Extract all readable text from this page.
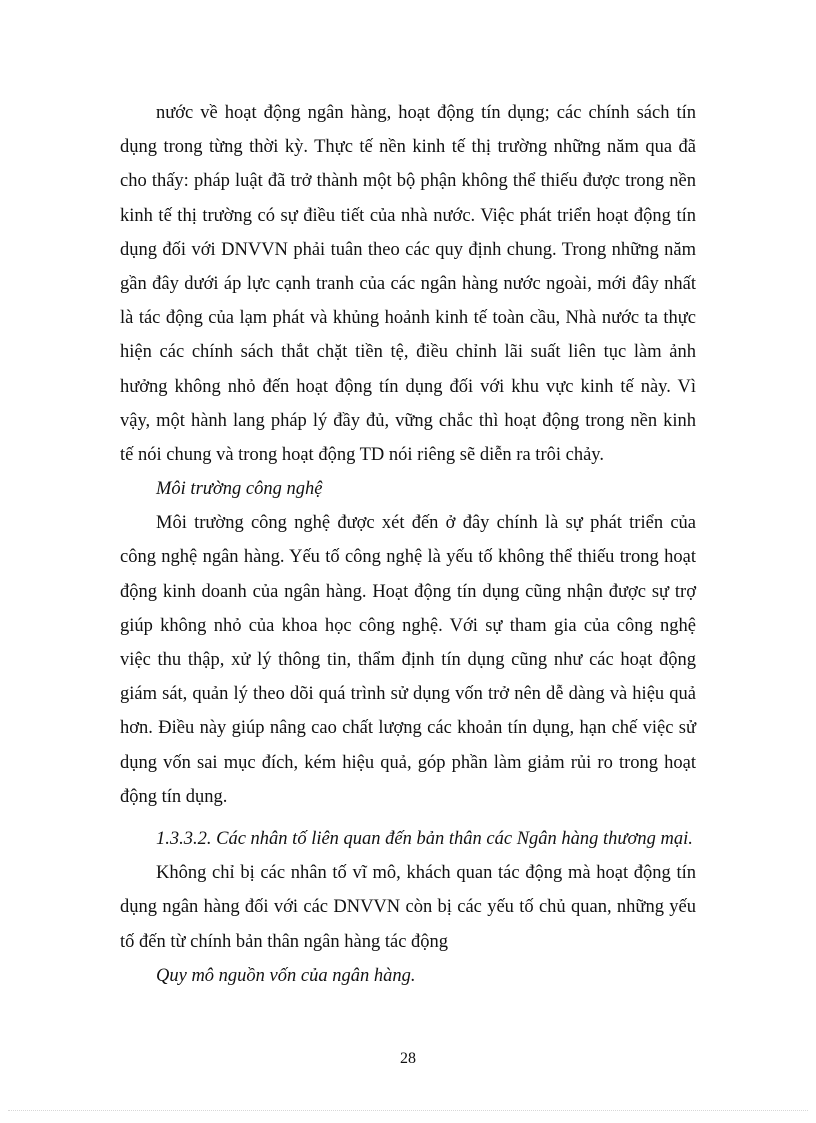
nước về hoạt động ngân hàng, hoạt động tín dụng; các chính sách tín
dụng trong từng thời kỳ. Thực tế nền kinh tế thị trường những năm qua đã
cho thấy: pháp luật đã trở thành một bộ phận không thể thiếu được trong nền
kinh tế thị trường có sự điều tiết của nhà nước. Việc phát triển hoạt động tín
dụng đối với DNVVN phải tuân theo các quy định chung. Trong những năm
gần đây dưới áp lực cạnh tranh của các ngân hàng nước ngoài, mới đây nhất
là tác động của lạm phát và khủng hoảnh kinh tế toàn cầu, Nhà nước ta thực
hiện các chính sách thắt chặt tiền tệ, điều chỉnh lãi suất liên tục làm ảnh
hưởng không nhỏ đến hoạt động tín dụng đối với khu vực kinh tế này. Vì
vậy, một hành lang pháp lý đầy đủ, vững chắc thì hoạt động trong nền kinh
tế nói chung và trong hoạt động TD nói riêng sẽ diễn ra trôi chảy.
Môi trường công nghệ
Môi trường công nghệ được xét đến ở đây chính là sự phát triển của
công nghệ ngân hàng. Yếu tố công nghệ là yếu tố không thể thiếu trong hoạt
động kinh doanh của ngân hàng. Hoạt động tín dụng cũng nhận được sự trợ
giúp không nhỏ của khoa học công nghệ. Với sự tham gia của công nghệ
việc thu thập, xử lý thông tin, thẩm định tín dụng cũng như các hoạt động
giám sát, quản lý theo dõi quá trình sử dụng vốn trở nên dễ dàng và hiệu quả
hơn. Điều này giúp nâng cao chất lượng các khoản tín dụng, hạn chế việc sử
dụng vốn sai mục đích, kém hiệu quả, góp phần làm giảm rủi ro trong hoạt
động tín dụng.
1.3.3.2. Các nhân tố liên quan đến bản thân các Ngân hàng thương mại.
Không chỉ bị các nhân tố vĩ mô, khách quan tác động mà hoạt động tín
dụng ngân hàng đối với các DNVVN còn bị các yếu tố chủ quan, những yếu
tố đến từ chính bản thân ngân hàng tác động
Quy mô nguồn vốn của ngân hàng.
28
